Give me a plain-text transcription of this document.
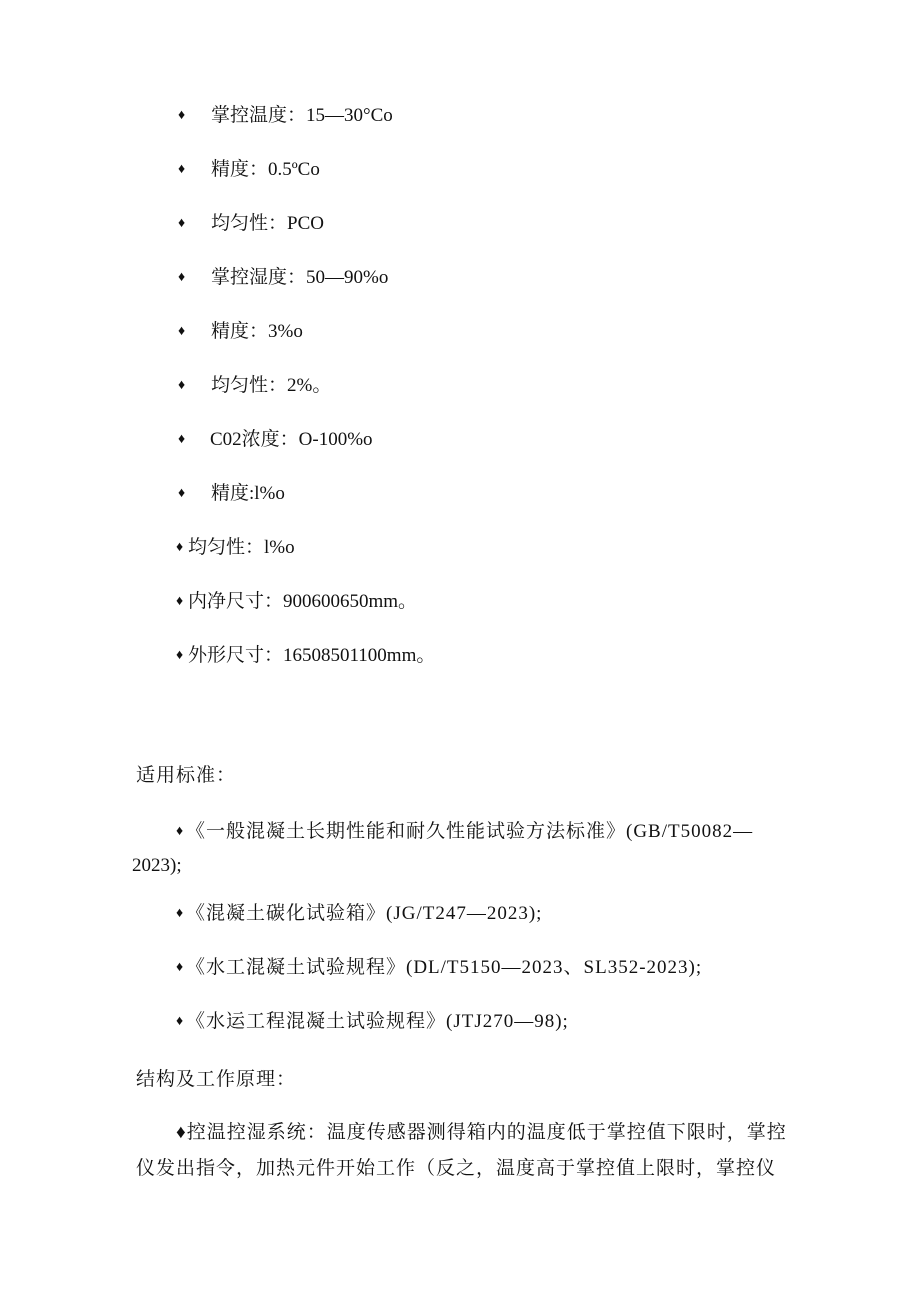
♦ 掌控温度：15—30°Co
♦ 精度：0.5ºCo
♦ 均匀性：PCO
♦ 掌控湿度：50—90%o
♦ 精度：3%o
♦ 均匀性：2%。
♦ C02浓度：O-100%o
♦ 精度:l%o
♦ 均匀性：l%o
♦ 内净尺寸：900600650mm。
♦ 外形尺寸：16508501100mm。
适用标准：
♦ 《一般混凝土长期性能和耐久性能试验方法标准》(GB/T50082—
2023);
♦ 《混凝土碳化试验箱》(JG/T247—2023);
♦ 《水工混凝土试验规程》(DL/T5150—2023、SL352-2023);
♦ 《水运工程混凝土试验规程》(JTJ270—98);
结构及工作原理：
♦控温控湿系统：温度传感器测得箱内的温度低于掌控值下限时，掌控仪发出指令，加热元件开始工作（反之，温度高于掌控值上限时，掌控仪
